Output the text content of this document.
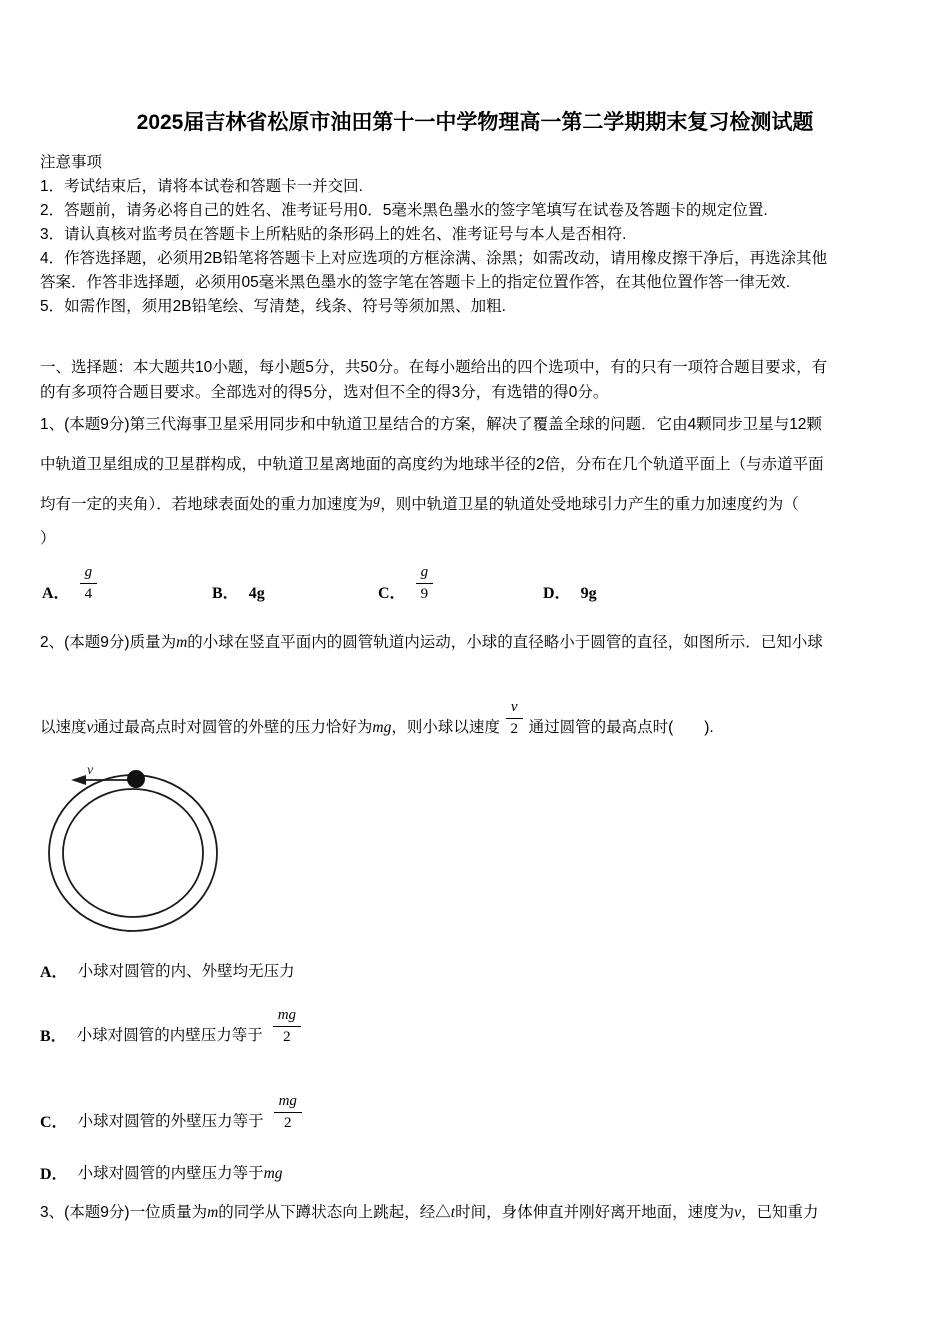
2025届吉林省松原市油田第十一中学物理高一第二学期期末复习检测试题
注意事项
1．考试结束后，请将本试卷和答题卡一并交回.
2．答题前，请务必将自己的姓名、准考证号用0．5毫米黑色墨水的签字笔填写在试卷及答题卡的规定位置.
3．请认真核对监考员在答题卡上所粘贴的条形码上的姓名、准考证号与本人是否相符.
4．作答选择题，必须用2B铅笔将答题卡上对应选项的方框涂满、涂黑；如需改动，请用橡皮擦干净后，再选涂其他
答案．作答非选择题，必须用05毫米黑色墨水的签字笔在答题卡上的指定位置作答，在其他位置作答一律无效.
5．如需作图，须用2B铅笔绘、写清楚，线条、符号等须加黑、加粗.
一、选择题：本大题共10小题，每小题5分，共50分。在每小题给出的四个选项中，有的只有一项符合题目要求，有
的有多项符合题目要求。全部选对的得5分，选对但不全的得3分，有选错的得0分。
1、(本题9分)第三代海事卫星采用同步和中轨道卫星结合的方案，解决了覆盖全球的问题．它由4颗同步卫星与12颗
中轨道卫星组成的卫星群构成，中轨道卫星离地面的高度约为地球半径的2倍，分布在几个轨道平面上（与赤道平面
均有一定的夹角）．若地球表面处的重力加速度为g，则中轨道卫星的轨道处受地球引力产生的重力加速度约为（
）
A． $\frac{g}{4}$	B． 4g	C． $\frac{g}{9}$	D． 9g
2、(本题9分)质量为m的小球在竖直平面内的圆管轨道内运动，小球的直径略小于圆管的直径，如图所示．已知小球
以速度v通过最高点时对圆管的外壁的压力恰好为mg，则小球以速度 $\frac{v}{2}$ 通过圆管的最高点时(　　).
v
A． 小球对圆管的内、外壁均无压力
B． 小球对圆管的内壁压力等于 $\frac{mg}{2}$
C． 小球对圆管的外壁压力等于 $\frac{mg}{2}$
D． 小球对圆管的内壁压力等于mg
3、(本题9分)一位质量为m的同学从下蹲状态向上跳起，经△t时间，身体伸直并刚好离开地面，速度为v，已知重力
